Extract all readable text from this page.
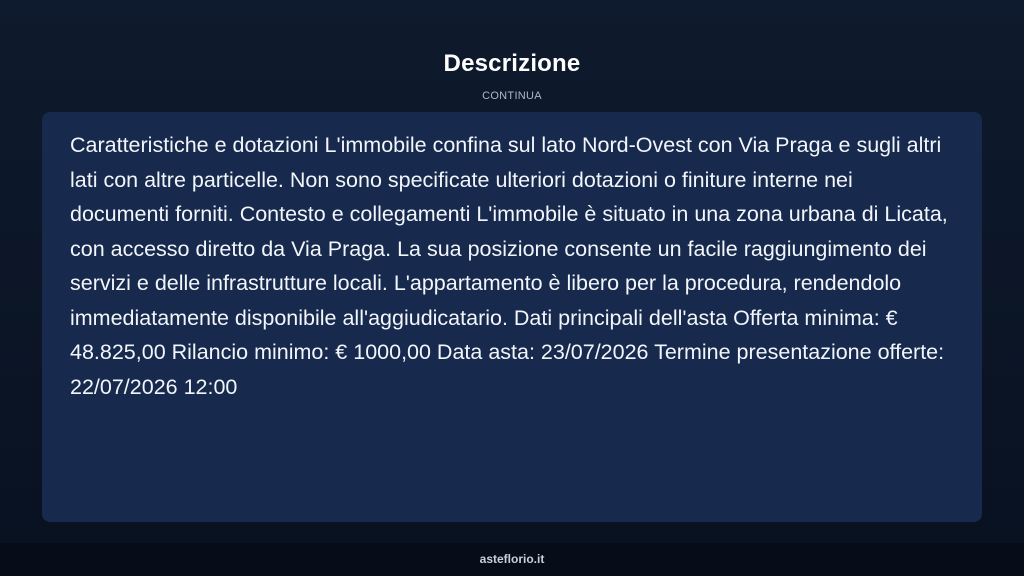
Descrizione
CONTINUA

Caratteristiche e dotazioni L'immobile confina sul lato Nord-Ovest con Via Praga e sugli altri lati con altre particelle. Non sono specificate ulteriori dotazioni o finiture interne nei documenti forniti. Contesto e collegamenti L'immobile è situato in una zona urbana di Licata, con accesso diretto da Via Praga. La sua posizione consente un facile raggiungimento dei servizi e delle infrastrutture locali. L'appartamento è libero per la procedura, rendendolo immediatamente disponibile all'aggiudicatario. Dati principali dell'asta Offerta minima: € 48.825,00 Rilancio minimo: € 1000,00 Data asta: 23/07/2026 Termine presentazione offerte: 22/07/2026 12:00

asteflorio.it
